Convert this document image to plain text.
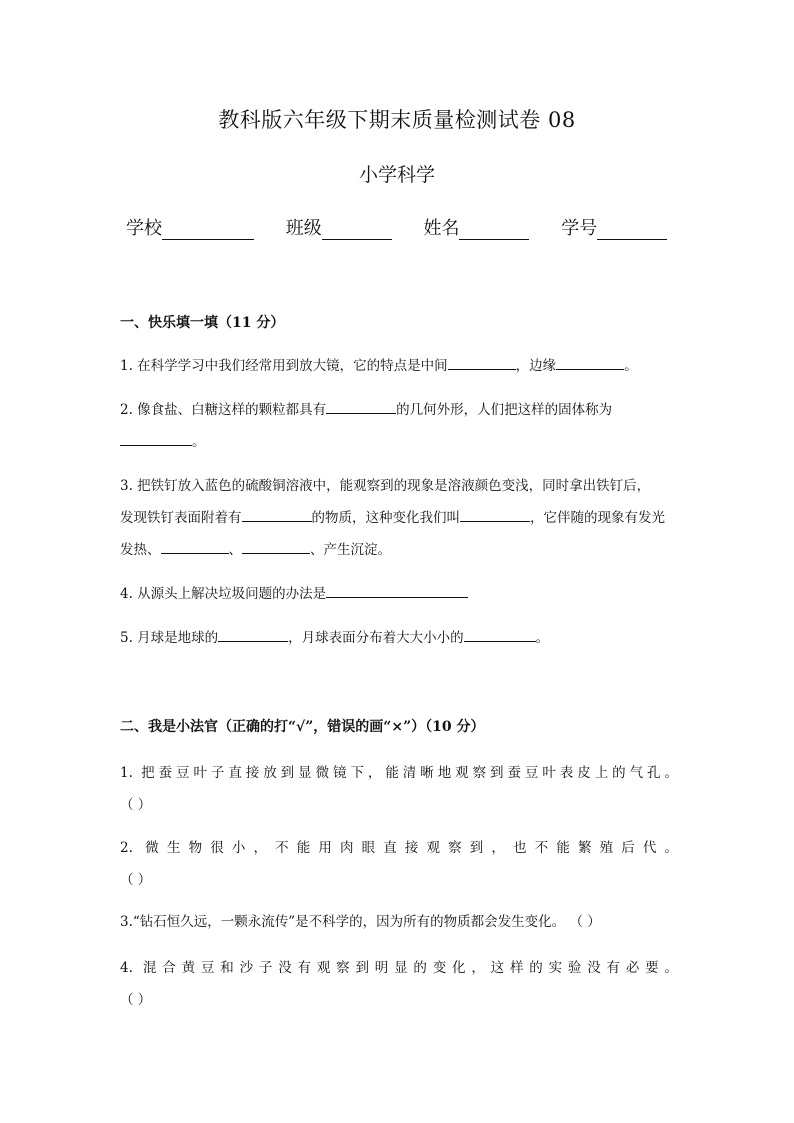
教科版六年级下期末质量检测试卷 08
小学科学
学校	班级	姓名	学号
一、快乐填一填（11 分）
1. 在科学学习中我们经常用到放大镜，它的特点是中间	，边缘	。
2. 像食盐、白糖这样的颗粒都具有	的几何外形，人们把这样的固体称为
。
3. 把铁钉放入蓝色的硫酸铜溶液中，能观察到的现象是溶液颜色变浅，同时拿出铁钉后，
发现铁钉表面附着有	的物质，这种变化我们叫	，它伴随的现象有发光
发热、	、	、产生沉淀。
4. 从源头上解决垃圾问题的办法是
5. 月球是地球的	，月球表面分布着大大小小的	。
二、我是小法官（正确的打“√”，错误的画“×”）（10 分）
1. 把蚕豆叶子直接放到显微镜下，能清晰地观察到蚕豆叶表皮上的气孔。
（ ）
2. 微生物很小，不能用肉眼直接观察到，也不能繁殖后代。
（ ）
3.“钻石恒久远，一颗永流传”是不科学的，因为所有的物质都会发生变化。 （ ）
4. 混合黄豆和沙子没有观察到明显的变化，这样的实验没有必要。
（ ）
